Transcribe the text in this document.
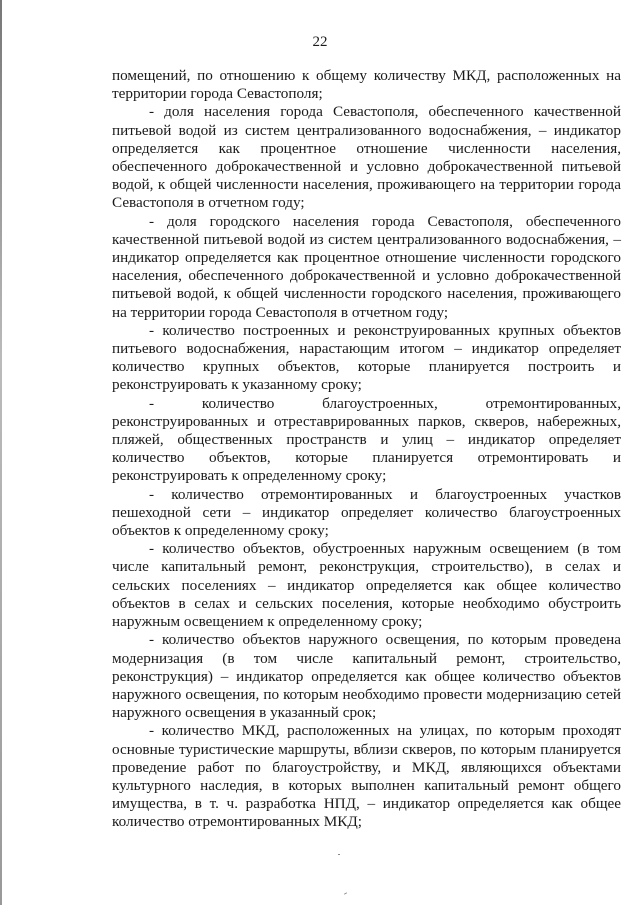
22

помещений, по отношению к общему количеству МКД, расположенных на территории города Севастополя;

- доля населения города Севастополя, обеспеченного качественной питьевой водой из систем централизованного водоснабжения, – индикатор определяется как процентное отношение численности населения, обеспеченного доброкачественной и условно доброкачественной питьевой водой, к общей численности населения, проживающего на территории города Севастополя в отчетном году;

- доля городского населения города Севастополя, обеспеченного качественной питьевой водой из систем централизованного водоснабжения, – индикатор определяется как процентное отношение численности городского населения, обеспеченного доброкачественной и условно доброкачественной питьевой водой, к общей численности городского населения, проживающего на территории города Севастополя в отчетном году;

- количество построенных и реконструированных крупных объектов питьевого водоснабжения, нарастающим итогом – индикатор определяет количество крупных объектов, которые планируется построить и реконструировать к указанному сроку;

- количество благоустроенных, отремонтированных, реконструированных и отреставрированных парков, скверов, набережных, пляжей, общественных пространств и улиц – индикатор определяет количество объектов, которые планируется отремонтировать и реконструировать к определенному сроку;

- количество отремонтированных и благоустроенных участков пешеходной сети – индикатор определяет количество благоустроенных объектов к определенному сроку;

- количество объектов, обустроенных наружным освещением (в том числе капитальный ремонт, реконструкция, строительство), в селах и сельских поселениях – индикатор определяется как общее количество объектов в селах и сельских поселения, которые необходимо обустроить наружным освещением к определенному сроку;

- количество объектов наружного освещения, по которым проведена модернизация (в том числе капитальный ремонт, строительство, реконструкция) – индикатор определяется как общее количество объектов наружного освещения, по которым необходимо провести модернизацию сетей наружного освещения в указанный срок;

- количество МКД, расположенных на улицах, по которым проходят основные туристические маршруты, вблизи скверов, по которым планируется проведение работ по благоустройству, и МКД, являющихся объектами культурного наследия, в которых выполнен капитальный ремонт общего имущества, в т. ч. разработка НПД, – индикатор определяется как общее количество отремонтированных МКД;
